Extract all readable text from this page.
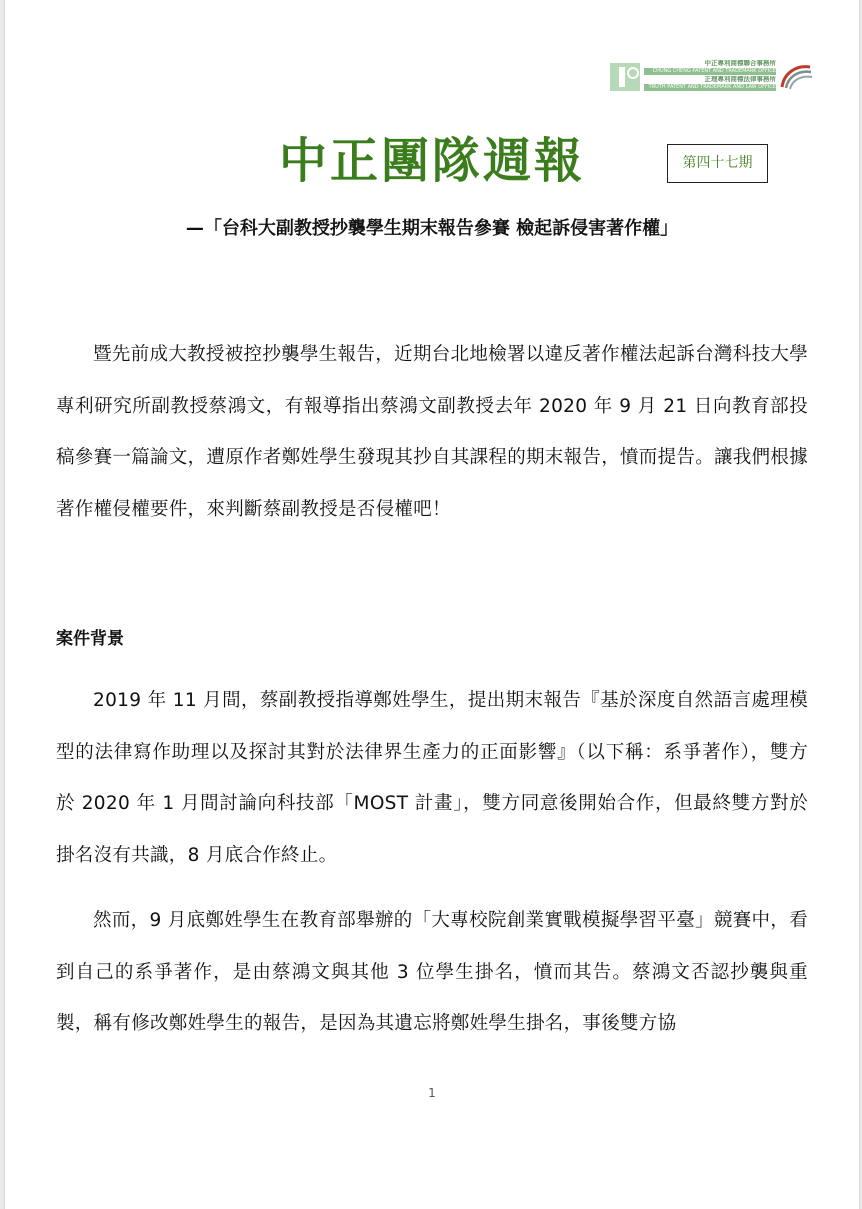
中正專利商標聯合事務所
CHUNG CHENG PATENT AND TRADEMARK OFFICE
正理專利商標法律事務所
TRUTH PATENT AND TRADEMARK AND LAW OFFICE
中正團隊週報	第四十七期
—「台科大副教授抄襲學生期末報告參賽 檢起訴侵害著作權」

暨先前成大教授被控抄襲學生報告，近期台北地檢署以違反著作權法起訴台灣科技大學專利研究所副教授蔡鴻文，有報導指出蔡鴻文副教授去年 2020 年 9 月 21 日向教育部投稿參賽一篇論文，遭原作者鄭姓學生發現其抄自其課程的期末報告，憤而提告。讓我們根據著作權侵權要件，來判斷蔡副教授是否侵權吧！

案件背景

2019 年 11 月間，蔡副教授指導鄭姓學生，提出期末報告『基於深度自然語言處理模型的法律寫作助理以及探討其對於法律界生產力的正面影響』（以下稱：系爭著作），雙方於 2020 年 1 月間討論向科技部「MOST 計畫」，雙方同意後開始合作，但最終雙方對於掛名沒有共識，8 月底合作終止。

然而，9 月底鄭姓學生在教育部舉辦的「大專校院創業實戰模擬學習平臺」競賽中，看到自己的系爭著作，是由蔡鴻文與其他 3 位學生掛名，憤而其告。蔡鴻文否認抄襲與重製，稱有修改鄭姓學生的報告，是因為其遺忘將鄭姓學生掛名，事後雙方協

1
